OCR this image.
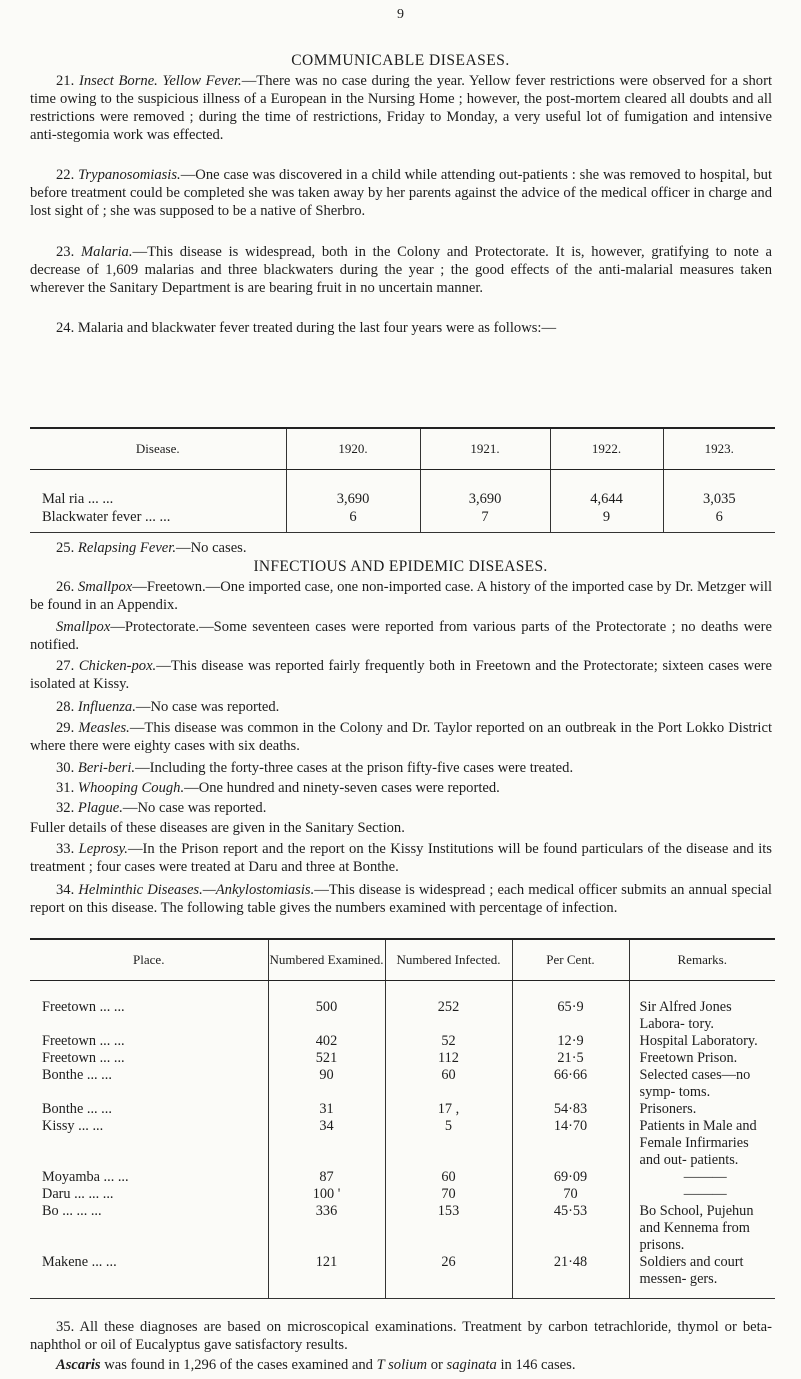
9
COMMUNICABLE DISEASES.

21. Insect Borne. Yellow Fever.—There was no case during the year. Yellow fever restrictions were observed for a short time owing to the suspicious illness of a European in the Nursing Home ; however, the post-mortem cleared all doubts and all restrictions were removed ; during the time of restrictions, Friday to Monday, a very useful lot of fumigation and intensive anti-stegomia work was effected.

22. Trypanosomiasis.—One case was discovered in a child while attending out-patients : she was removed to hospital, but before treatment could be completed she was taken away by her parents against the advice of the medical officer in charge and lost sight of ; she was supposed to be a native of Sherbro.

23. Malaria.—This disease is widespread, both in the Colony and Protectorate. It is, however, gratifying to note a decrease of 1,609 malarias and three blackwaters during the year ; the good effects of the anti-malarial measures taken wherever the Sanitary Department is are bearing fruit in no uncertain manner.

24. Malaria and blackwater fever treated during the last four years were as follows:—

Disease.	1920.	1921.	1922.	1923.
Mal ria ... ...	3,690	3,690	4,644	3,035
Blackwater fever ... ...	6	7	9	6

25. Relapsing Fever.—No cases.

INFECTIOUS AND EPIDEMIC DISEASES.

26. Smallpox—Freetown.—One imported case, one non-imported case. A history of the imported case by Dr. Metzger will be found in an Appendix.

Smallpox—Protectorate.—Some seventeen cases were reported from various parts of the Protectorate ; no deaths were notified.

27. Chicken-pox.—This disease was reported fairly frequently both in Freetown and the Protectorate; sixteen cases were isolated at Kissy.

28. Influenza.—No case was reported.

29. Measles.—This disease was common in the Colony and Dr. Taylor reported on an outbreak in the Port Lokko District where there were eighty cases with six deaths.

30. Beri-beri.—Including the forty-three cases at the prison fifty-five cases were treated.

31. Whooping Cough.—One hundred and ninety-seven cases were reported.

32. Plague.—No case was reported.

Fuller details of these diseases are given in the Sanitary Section.

33. Leprosy.—In the Prison report and the report on the Kissy Institutions will be found particulars of the disease and its treatment ; four cases were treated at Daru and three at Bonthe.

34. Helminthic Diseases.—Ankylostomiasis.—This disease is widespread ; each medical officer submits an annual special report on this disease. The following table gives the numbers examined with percentage of infection.

Place.	Numbered Examined.	Numbered Infected.	Per Cent.	Remarks.
Freetown ... ...	500	252	65·9	Sir Alfred Jones Labora- tory.
Freetown ... ...	402	52	12·9	Hospital Laboratory.
Freetown ... ...	521	112	21·5	Freetown Prison.
Bonthe ... ...	90	60	66·66	Selected cases—no symp- toms.
Bonthe ... ...	31	17 ,	54·83	Prisoners.
Kissy ... ...	34	5	14·70	Patients in Male and Female Infirmaries and out- patients.
Moyamba ... ...	87	60	69·09	———
Daru ... ... ...	100 '	70	70	———
Bo ... ... ...	336	153	45·53	Bo School, Pujehun and Kennema from prisons.
Makene ... ...	121	26	21·48	Soldiers and court messen- gers.

35. All these diagnoses are based on microscopical examinations. Treatment by carbon tetrachloride, thymol or beta-naphthol or oil of Eucalyptus gave satisfactory results.

Ascaris was found in 1,296 of the cases examined and T solium or saginata in 146 cases.
